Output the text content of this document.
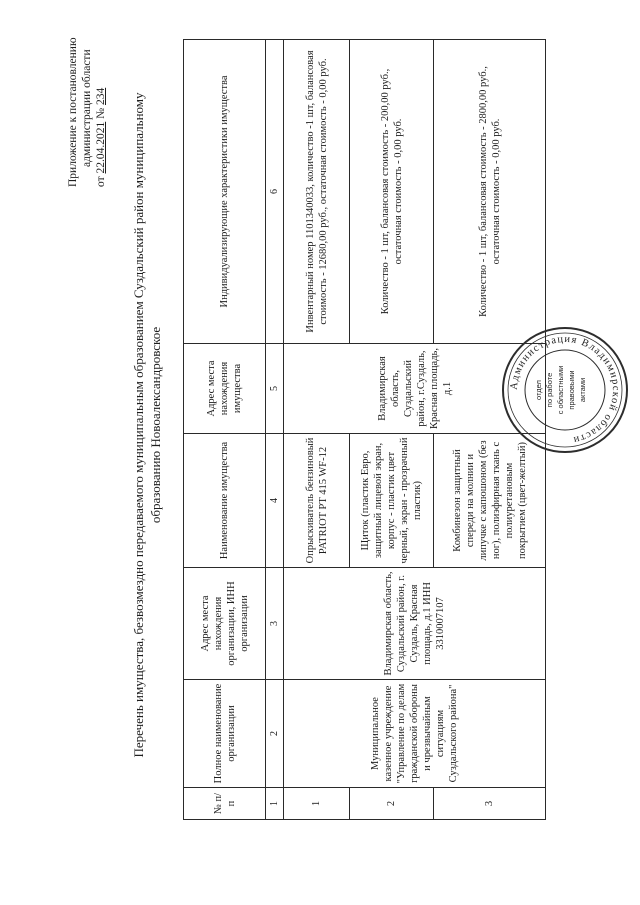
Приложение к постановлению администрации области
от 22.04.2021 № 234 Перечень имущества, безвозмездно передаваемого муниципальным образованием Суздальский район муниципальному образованию Новоалександровское
№ п/п	Полное наименование организации	Адрес места нахождения организации, ИНН организации	Наименование имущества	Адрес места нахождения имущества	Индивидуализирующие характеристики имущества
1	2	3	4	5	6
1	Муниципальное казенное учреждение "Управление по делам гражданской обороны и чрезвычайным ситуациям Суздальского района"	Владимирская область, Суздальский район, г. Суздаль, Красная площадь, д.1 ИНН 3310007107	Опрыскиватель бензиновый PATRIOT PT 415 WF-12	Владимирская область, Суздальский район, г.Суздаль, Красная площадь, д.1	Инвентарный номер 1101340033, количество -1 шт, балансовая стоимость - 12680,00 руб., остаточная стоимость - 0,00 руб.
2			Щиток (пластик Евро, защитный лицевой экран, корпус - пластик цвет черный, экран - прозрачный пластик)		Количество - 1 шт, балансовая стоимость - 200,00 руб., остаточная стоимость - 0,00 руб.
3			Комбинезон защитный спереди на молнии и липучке с капюшоном (без ног), полиэфирная ткань с полиуретановым покрытием (цвет-желтый)		Количество - 1 шт, балансовая стоимость - 2800,00 руб., остаточная стоимость - 0,00 руб.
Администрация Владимирской области
отдел по работе с областными правовыми актами
